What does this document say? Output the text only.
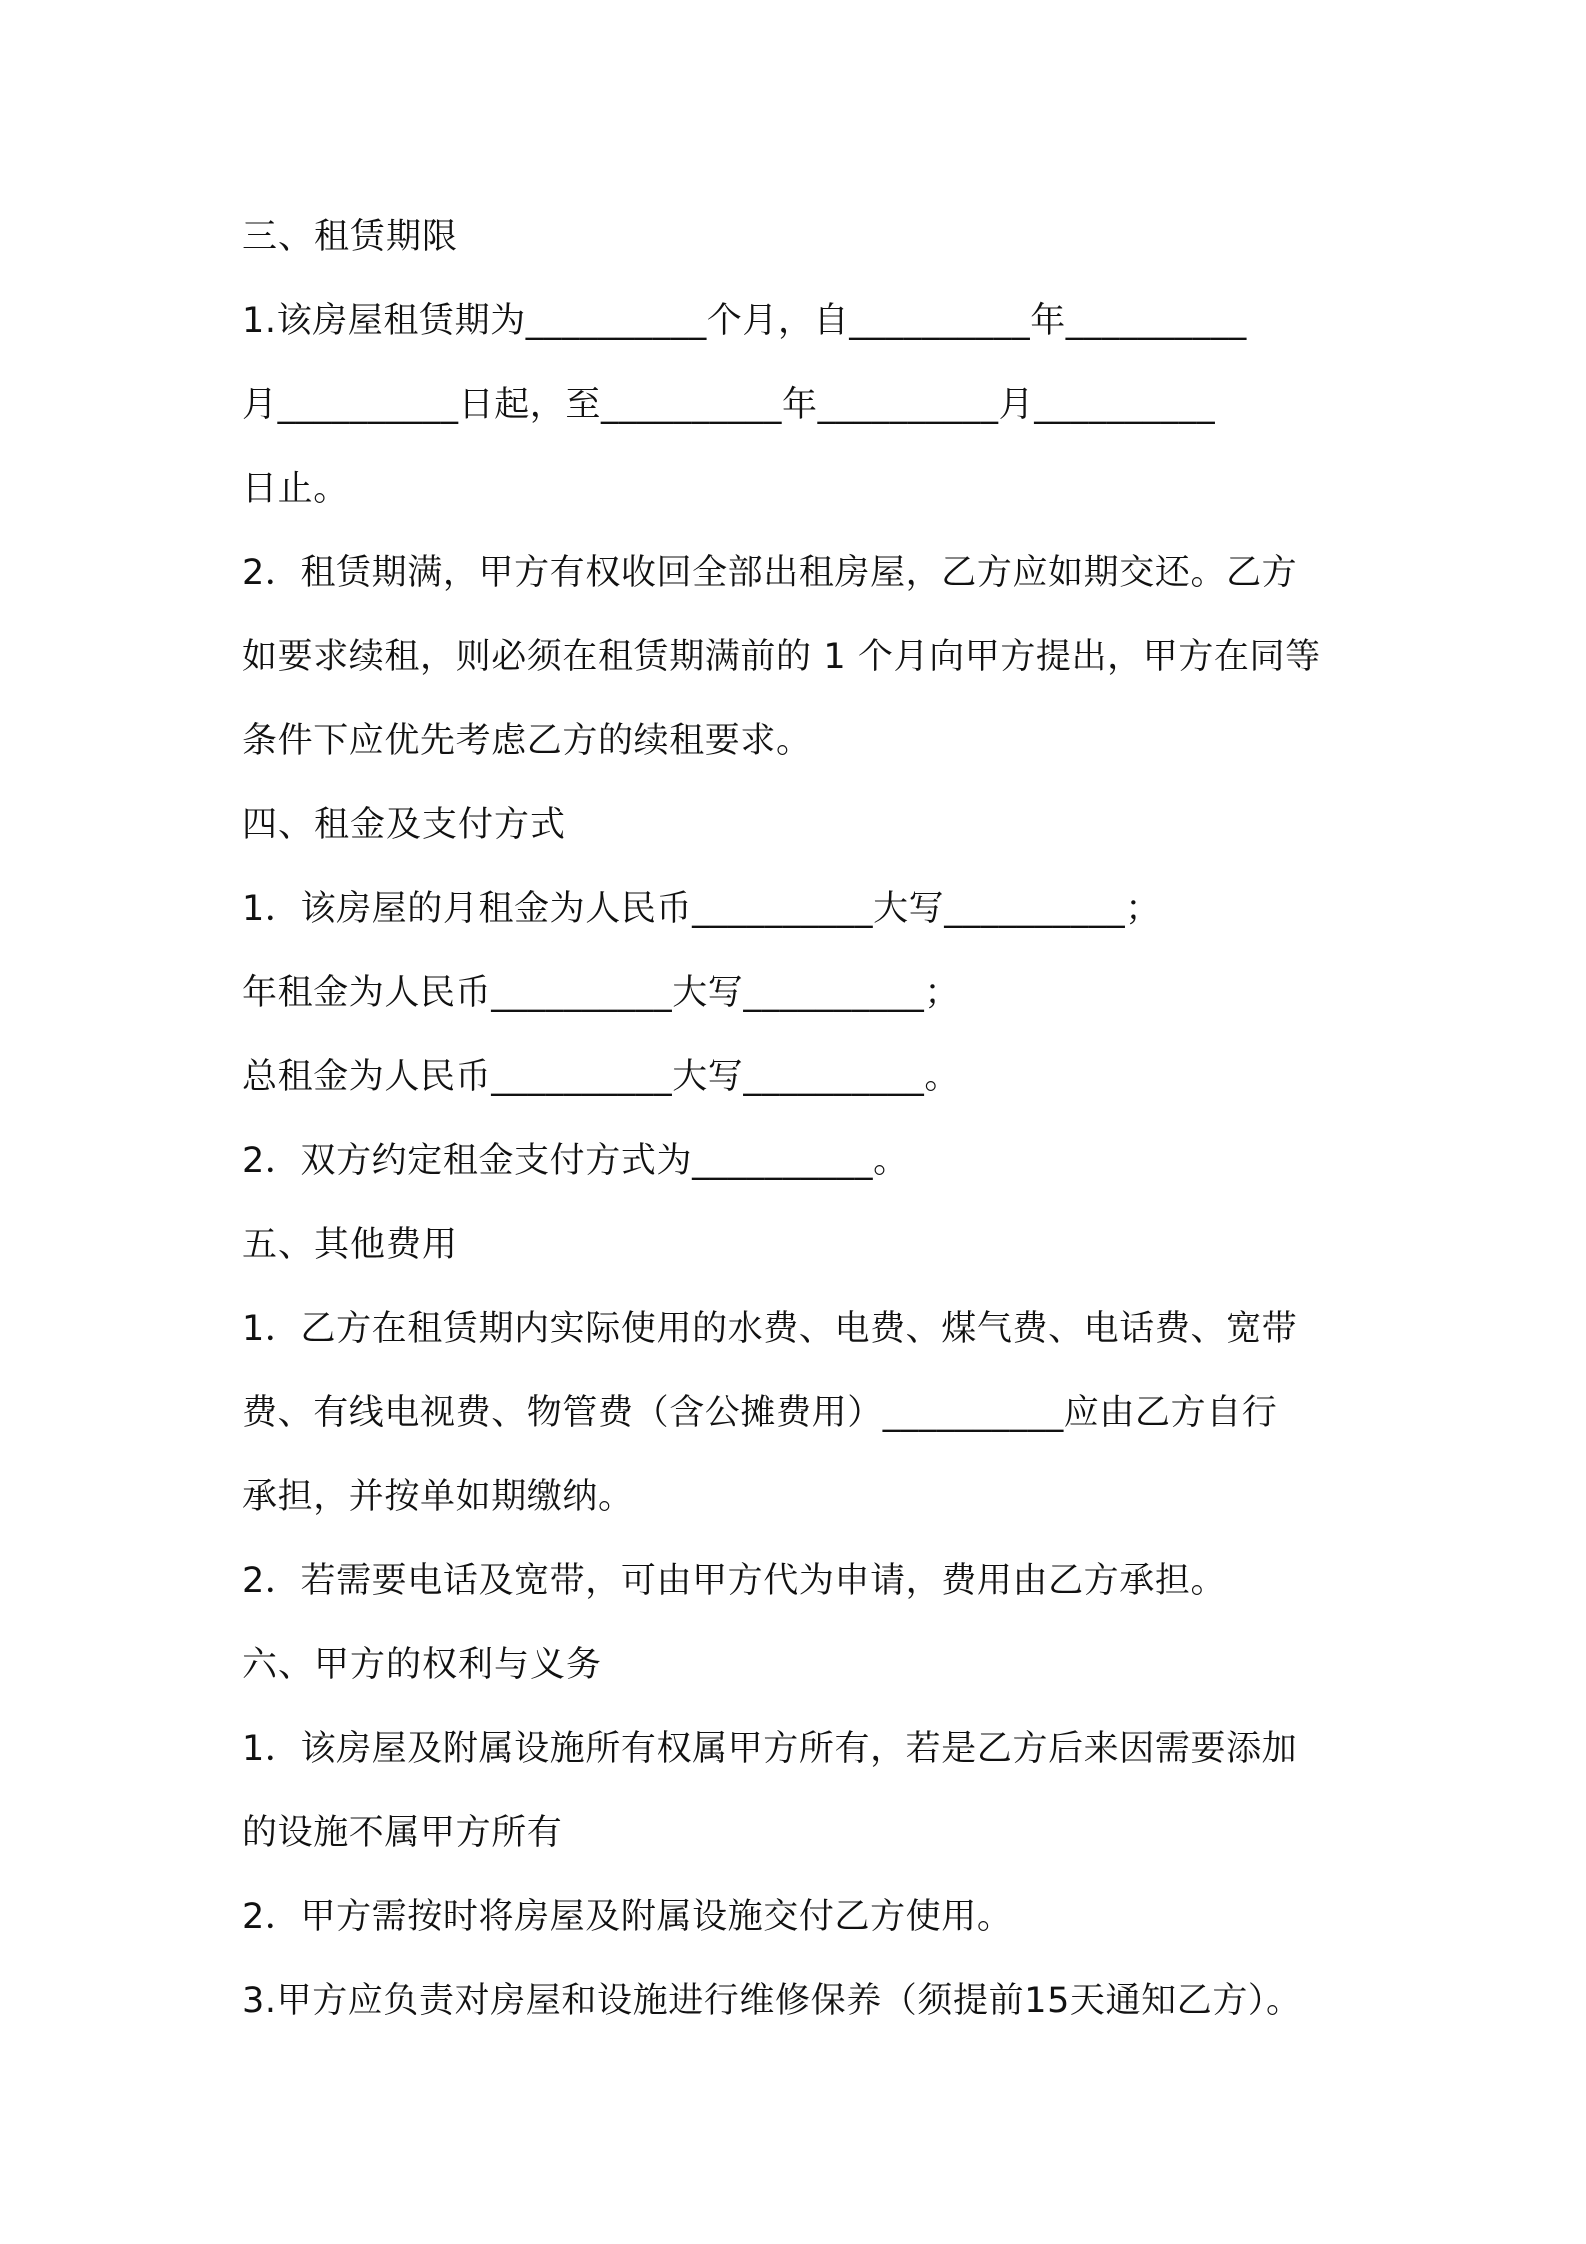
三、租赁期限
1.该房屋租赁期为__________个月，自__________年__________
月__________日起，至__________年__________月__________
日止。
2．租赁期满，甲方有权收回全部出租房屋，乙方应如期交还。乙方
如要求续租，则必须在租赁期满前的 1 个月向甲方提出，甲方在同等
条件下应优先考虑乙方的续租要求。
四、租金及支付方式
1．该房屋的月租金为人民币__________大写__________；
年租金为人民币__________大写__________；
总租金为人民币__________大写__________。
2．双方约定租金支付方式为__________。
五、其他费用
1．乙方在租赁期内实际使用的水费、电费、煤气费、电话费、宽带
费、有线电视费、物管费（含公摊费用）__________应由乙方自行
承担，并按单如期缴纳。
2．若需要电话及宽带，可由甲方代为申请，费用由乙方承担。
六、甲方的权利与义务
1．该房屋及附属设施所有权属甲方所有，若是乙方后来因需要添加
的设施不属甲方所有
2．甲方需按时将房屋及附属设施交付乙方使用。
3.甲方应负责对房屋和设施进行维修保养（须提前15天通知乙方）。
